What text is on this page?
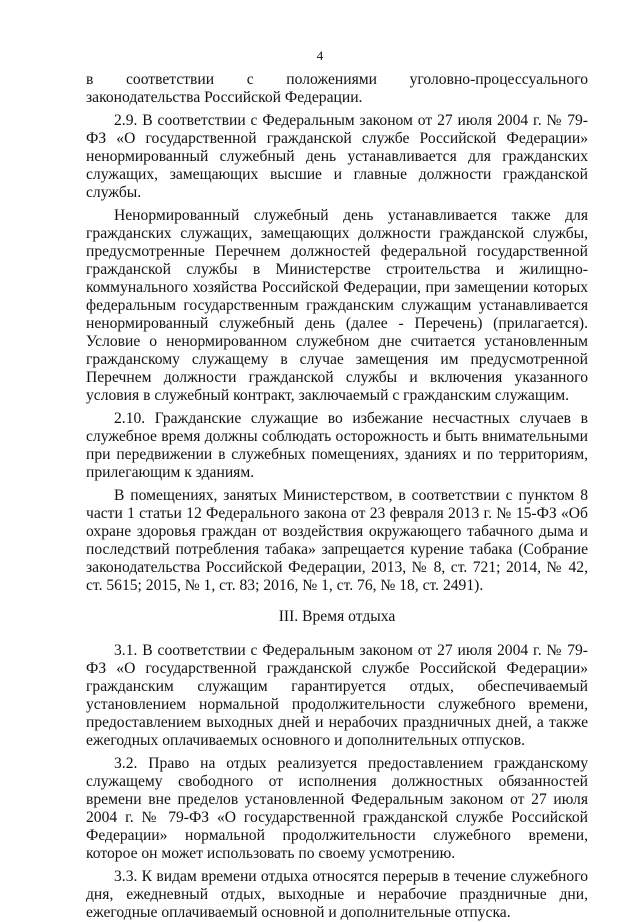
4

в соответствии с положениями уголовно-процессуального законодательства Российской Федерации.

2.9. В соответствии с Федеральным законом от 27 июля 2004 г. № 79-ФЗ «О государственной гражданской службе Российской Федерации» ненормированный служебный день устанавливается для гражданских служащих, замещающих высшие и главные должности гражданской службы.

Ненормированный служебный день устанавливается также для гражданских служащих, замещающих должности гражданской службы, предусмотренные Перечнем должностей федеральной государственной гражданской службы в Министерстве строительства и жилищно-коммунального хозяйства Российской Федерации, при замещении которых федеральным государственным гражданским служащим устанавливается ненормированный служебный день (далее - Перечень) (прилагается). Условие о ненормированном служебном дне считается установленным гражданскому служащему в случае замещения им предусмотренной Перечнем должности гражданской службы и включения указанного условия в служебный контракт, заключаемый с гражданским служащим.

2.10. Гражданские служащие во избежание несчастных случаев в служебное время должны соблюдать осторожность и быть внимательными при передвижении в служебных помещениях, зданиях и по территориям, прилегающим к зданиям.

В помещениях, занятых Министерством, в соответствии с пунктом 8 части 1 статьи 12 Федерального закона от 23 февраля 2013 г. № 15-ФЗ «Об охране здоровья граждан от воздействия окружающего табачного дыма и последствий потребления табака» запрещается курение табака (Собрание законодательства Российской Федерации, 2013, № 8, ст. 721; 2014, № 42, ст. 5615; 2015, № 1, ст. 83; 2016, № 1, ст. 76, № 18, ст. 2491).

III. Время отдыха

3.1. В соответствии с Федеральным законом от 27 июля 2004 г. № 79-ФЗ «О государственной гражданской службе Российской Федерации» гражданским служащим гарантируется отдых, обеспечиваемый установлением нормальной продолжительности служебного времени, предоставлением выходных дней и нерабочих праздничных дней, а также ежегодных оплачиваемых основного и дополнительных отпусков.

3.2. Право на отдых реализуется предоставлением гражданскому служащему свободного от исполнения должностных обязанностей времени вне пределов установленной Федеральным законом от 27 июля 2004 г. № 79-ФЗ «О государственной гражданской службе Российской Федерации» нормальной продолжительности служебного времени, которое он может использовать по своему усмотрению.

3.3. К видам времени отдыха относятся перерыв в течение служебного дня, ежедневный отдых, выходные и нерабочие праздничные дни, ежегодные оплачиваемый основной и дополнительные отпуска.
